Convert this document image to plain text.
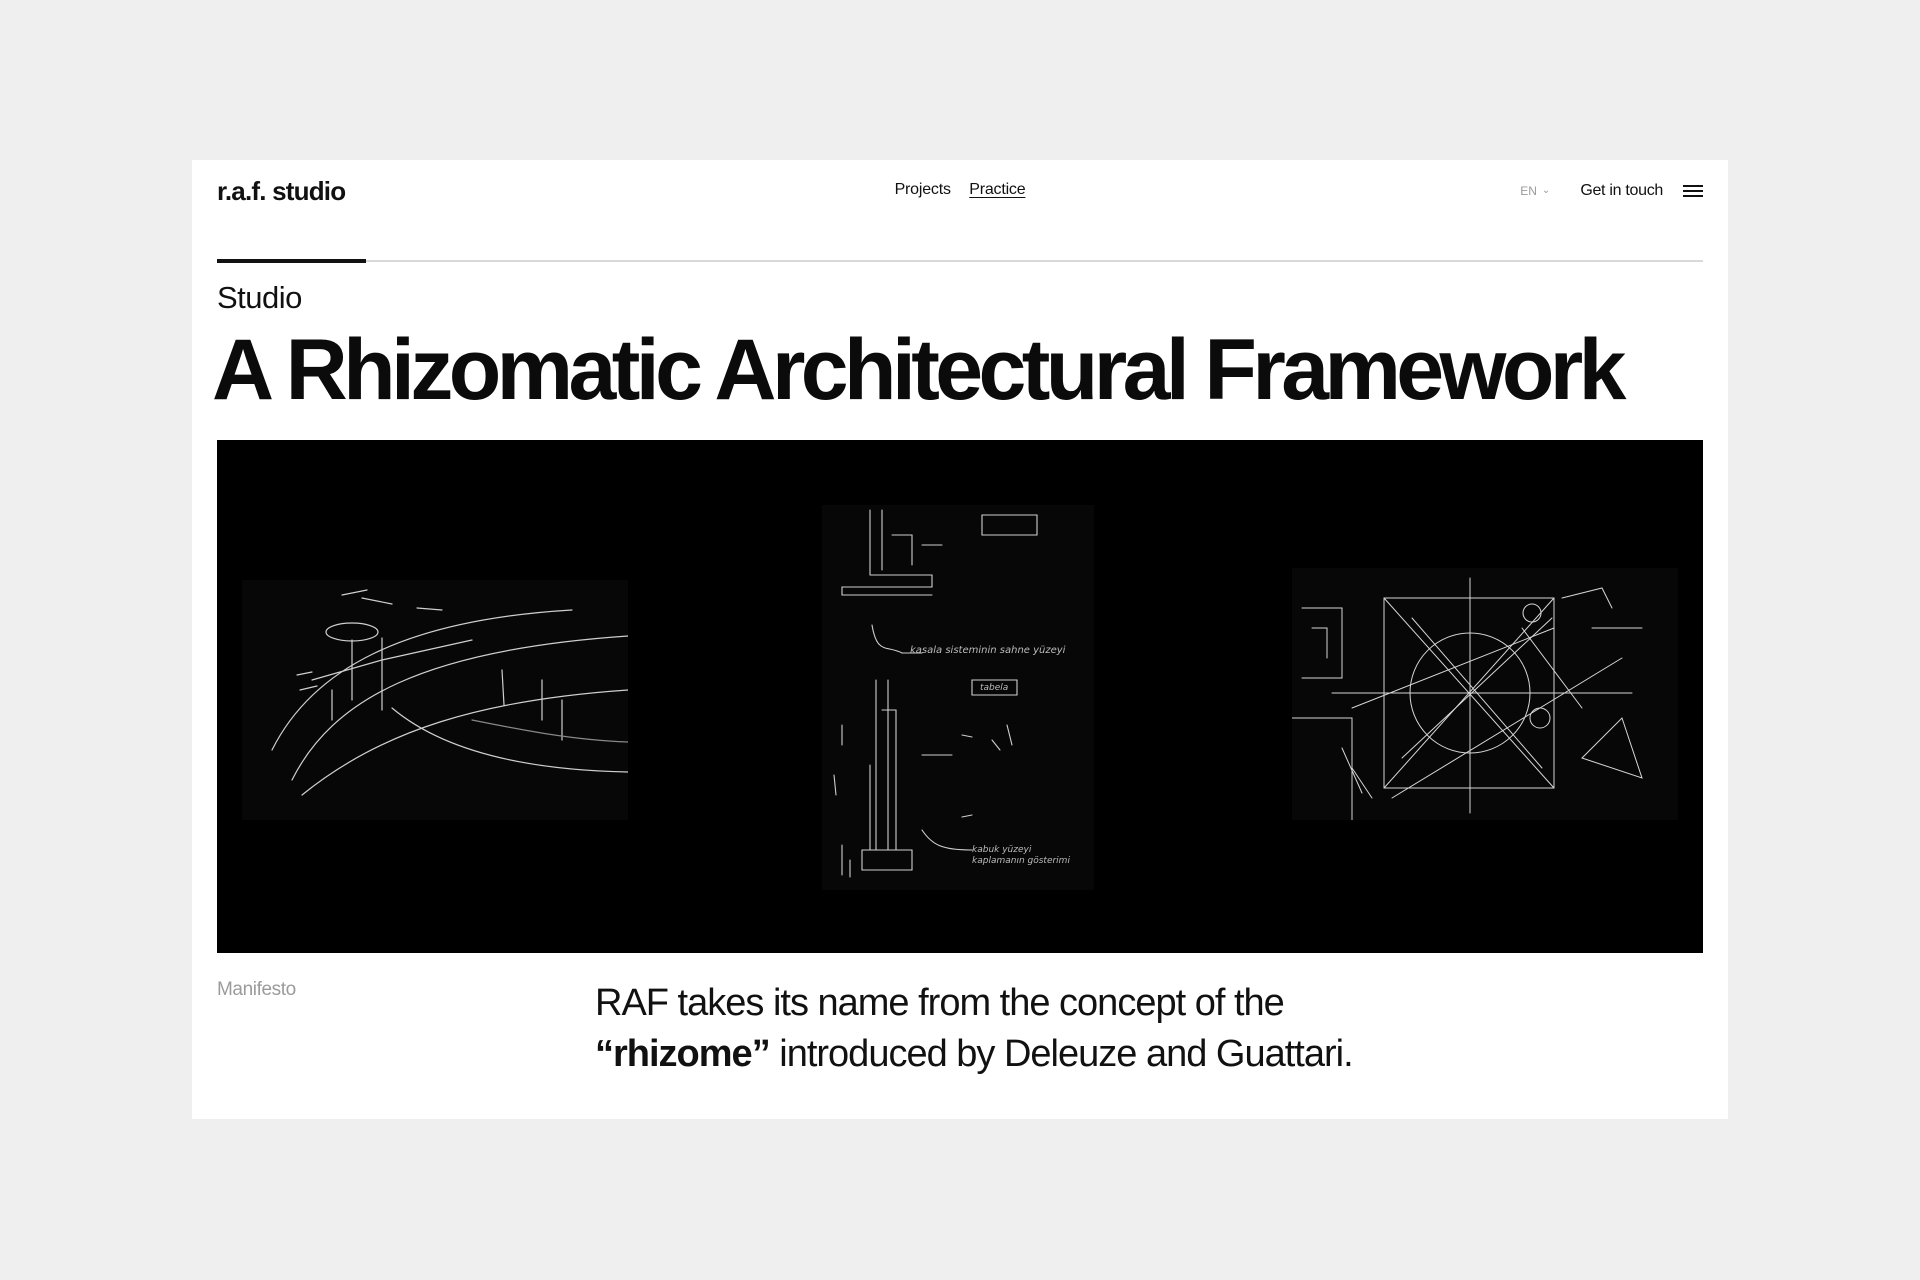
r.a.f. studio	Projects Practice	EN ⌄ Get in touch
Studio
A Rhizomatic Architectural Framework
kasala sisteminin sahne yüzeyi
tabela
kabuk yüzeyi kaplamanın gösterimi
Manifesto	RAF takes its name from the concept of the
“rhizome” introduced by Deleuze and Guattari.
